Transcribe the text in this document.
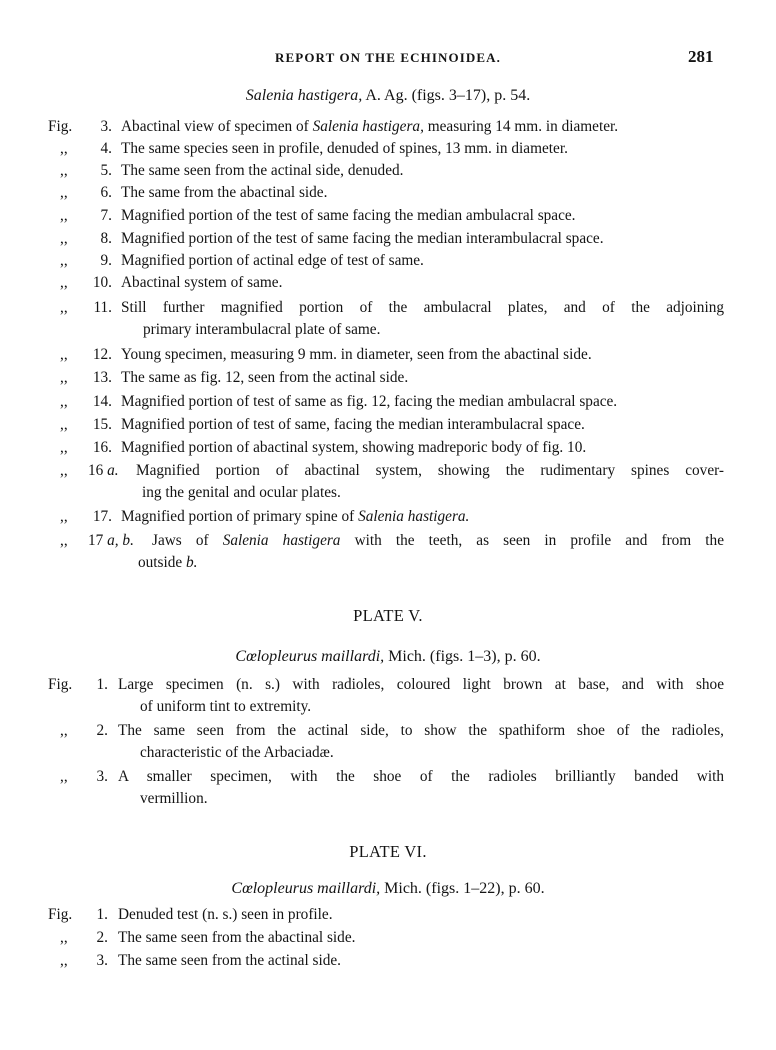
REPORT ON THE ECHINOIDEA.	281
Salenia hastigera, A. Ag. (figs. 3–17), p. 54.
Fig.	3. Abactinal view of specimen of Salenia hastigera, measuring 14 mm. in diameter.
,,	4. The same species seen in profile, denuded of spines, 13 mm. in diameter.
,,	5. The same seen from the actinal side, denuded.
,,	6. The same from the abactinal side.
,,	7. Magnified portion of the test of same facing the median ambulacral space.
,,	8. Magnified portion of the test of same facing the median interambulacral space.
,,	9. Magnified portion of actinal edge of test of same.
,,	10. Abactinal system of same.
,,	11. Still further magnified portion of the ambulacral plates, and of the adjoining
primary interambulacral plate of same.
,,	12. Young specimen, measuring 9 mm. in diameter, seen from the abactinal side.
,,	13. The same as fig. 12, seen from the actinal side.
,,	14. Magnified portion of test of same as fig. 12, facing the median ambulacral space.
,,	15. Magnified portion of test of same, facing the median interambulacral space.
,,	16. Magnified portion of abactinal system, showing madreporic body of fig. 10.
,, 16 a. Magnified portion of abactinal system, showing the rudimentary spines cover-
ing the genital and ocular plates.
,,	17. Magnified portion of primary spine of Salenia hastigera.
,, 17 a, b. Jaws of Salenia hastigera with the teeth, as seen in profile and from the
outside b.
PLATE V.
Cœlopleurus maillardi, Mich. (figs. 1–3), p. 60.
Fig.	1. Large specimen (n. s.) with radioles, coloured light brown at base, and with shoe
of uniform tint to extremity.
,,	2. The same seen from the actinal side, to show the spathiform shoe of the radioles,
characteristic of the Arbaciadæ.
,,	3. A smaller specimen, with the shoe of the radioles brilliantly banded with
vermillion.
PLATE VI.
Cœlopleurus maillardi, Mich. (figs. 1–22), p. 60.
Fig.	1. Denuded test (n. s.) seen in profile.
,,	2. The same seen from the abactinal side.
,,	3. The same seen from the actinal side.
